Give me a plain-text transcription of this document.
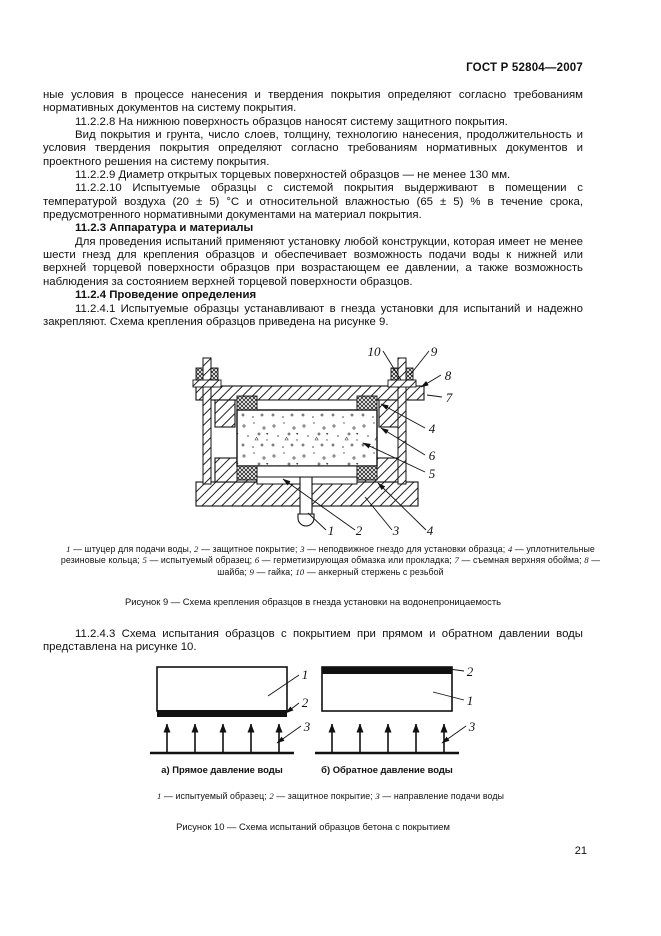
ГОСТ Р 52804—2007

ные условия в процессе нанесения и твердения покрытия определяют согласно требованиям нормативных документов на систему покрытия.

11.2.2.8 На нижнюю поверхность образцов наносят систему защитного покрытия.

Вид покрытия и грунта, число слоев, толщину, технологию нанесения, продолжительность и условия твердения покрытия определяют согласно требованиям нормативных документов и проектного решения на систему покрытия.

11.2.2.9 Диаметр открытых торцевых поверхностей образцов — не менее 130 мм.

11.2.2.10 Испытуемые образцы с системой покрытия выдерживают в помещении с температурой воздуха (20 ± 5) °С и относительной влажностью (65 ± 5) % в течение срока, предусмотренного нормативными документами на материал покрытия.

11.2.3 Аппаратура и материалы

Для проведения испытаний применяют установку любой конструкции, которая имеет не менее шести гнезд для крепления образцов и обеспечивает возможность подачи воды к нижней или верхней торцевой поверхности образцов при возрастающем ее давлении, а также возможность наблюдения за состоянием верхней торцевой поверхности образцов.

11.2.4 Проведение определения

11.2.4.1 Испытуемые образцы устанавливают в гнезда установки для испытаний и надежно закрепляют. Схема крепления образцов приведена на рисунке 9.

10	9
8
7
4
6
5
1 2 3 4
1 — штуцер для подачи воды, 2 — защитное покрытие; 3 — неподвижное гнездо для установки образца; 4 — уплотнительные резиновые кольца; 5 — испытуемый образец; 6 — герметизирующая обмазка или прокладка; 7 — съемная верхняя обойма; 8 — шайба; 9 — гайка; 10 — анкерный стержень с резьбой
Рисунок 9 — Схема крепления образцов в гнезда установки на водонепроницаемость

11.2.4.3 Схема испытания образцов с покрытием при прямом и обратном давлении воды представлена на рисунке 10.

1
2
3
2
1
3
а) Прямое давление воды	б) Обратное давление воды
1 — испытуемый образец; 2 — защитное покрытие; 3 — направление подачи воды
Рисунок 10 — Схема испытаний образцов бетона с покрытием
21
